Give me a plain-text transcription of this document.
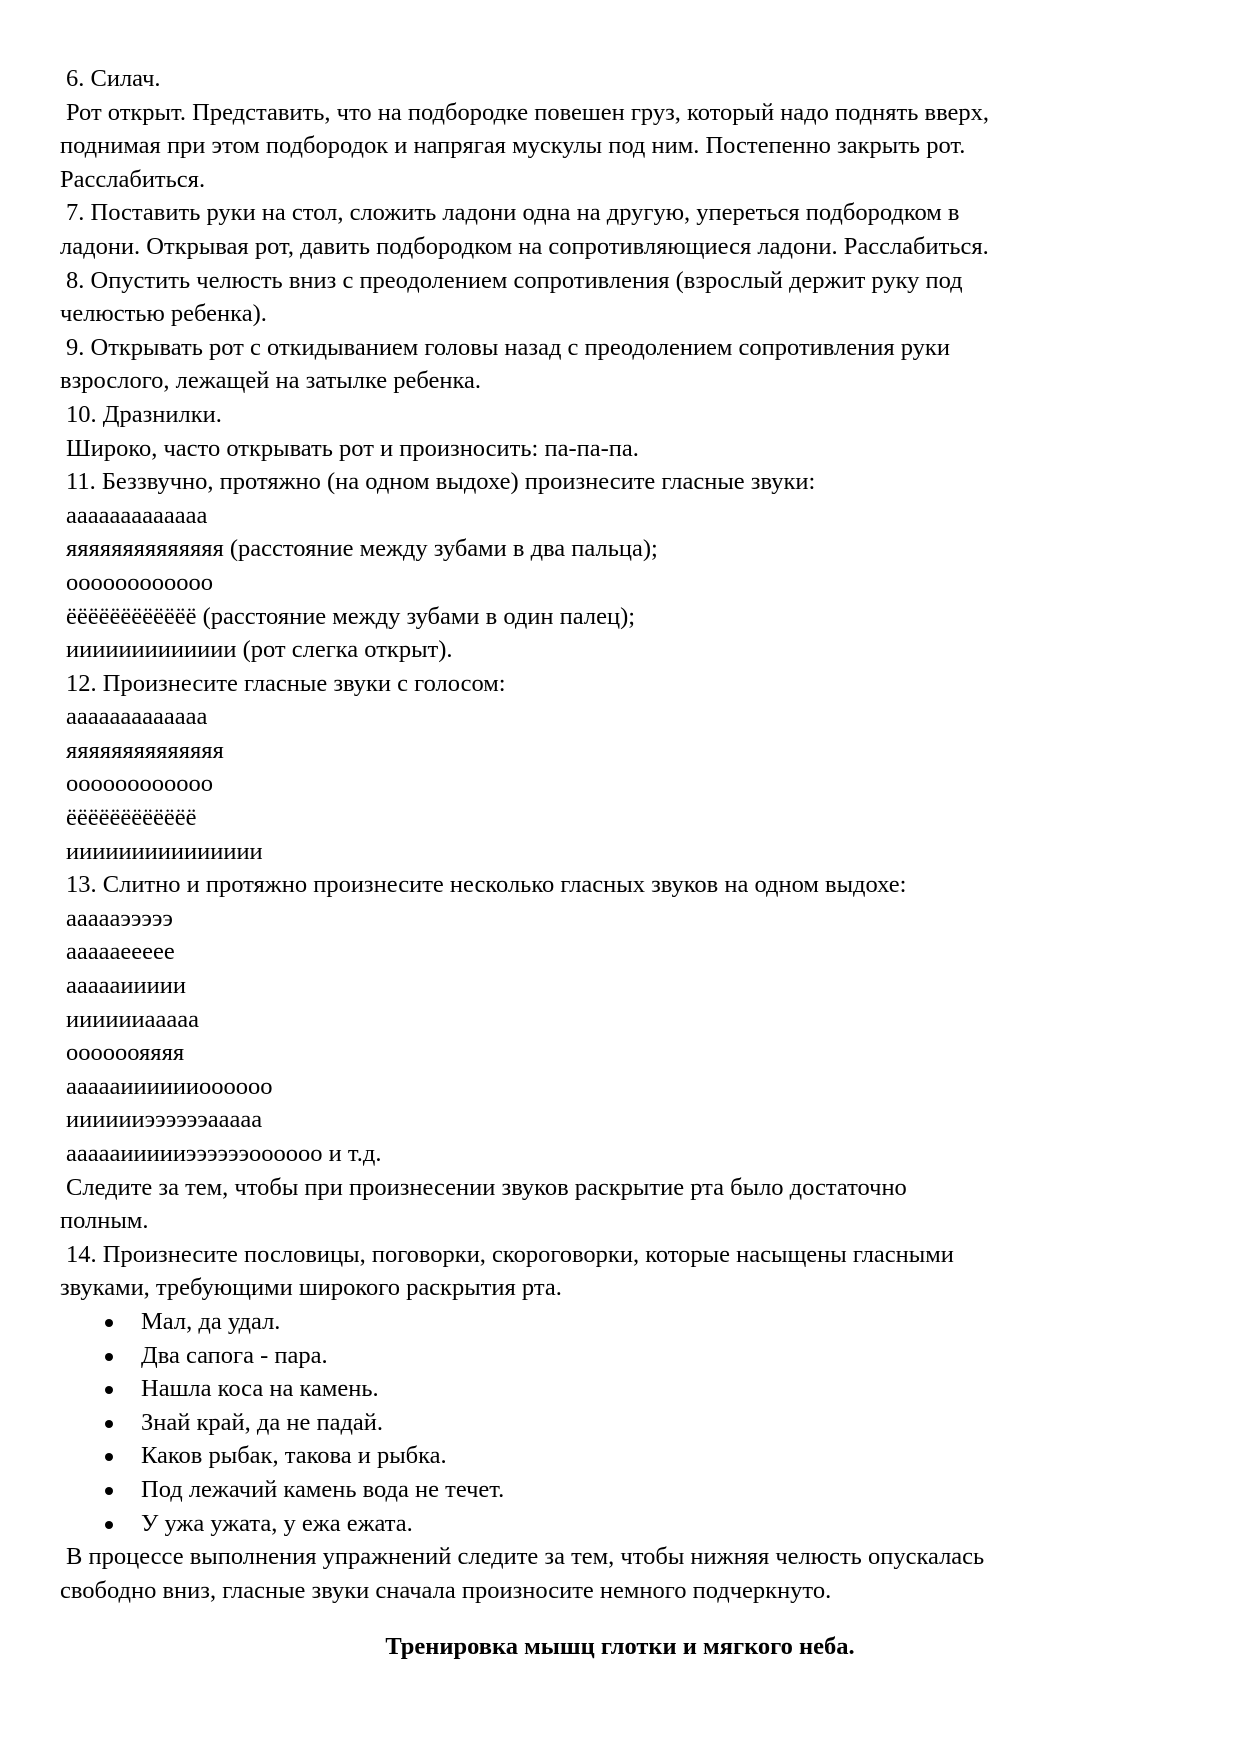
6. Силач.
Рот открыт. Представить, что на подбородке повешен груз, который надо поднять вверх,
поднимая при этом подбородок и напрягая мускулы под ним. Постепенно закрыть рот.
Расслабиться.
7. Поставить руки на стол, сложить ладони одна на другую, упереться подбородком в
ладони. Открывая рот, давить подбородком на сопротивляющиеся ладони. Расслабиться.
8. Опустить челюсть вниз с преодолением сопротивления (взрослый держит руку под
челюстью ребенка).
9. Открывать рот с откидыванием головы назад с преодолением сопротивления руки
взрослого, лежащей на затылке ребенка.
10. Дразнилки.
Широко, часто открывать рот и произносить: па-па-па.
11. Беззвучно, протяжно (на одном выдохе) произнесите гласные звуки:
ааааааааааааа
яяяяяяяяяяяяяя (расстояние между зубами в два пальца);
оооооооооооо
ёёёёёёёёёёёё (расстояние между зубами в один палец);
иииииииииииии (рот слегка открыт).
12. Произнесите гласные звуки с голосом:
ааааааааааааа
яяяяяяяяяяяяяя
оооооооооооо
ёёёёёёёёёёёё
иииииииииииииии
13. Слитно и протяжно произнесите несколько гласных звуков на одном выдохе:
аааааэээээ
аааааеееее
аааааиииии
ииииииааааа
оооооояяяя
аааааииииииоооооо
ииииииээээээааааа
аааааиииииээээээоооооо и т.д.
Следите за тем, чтобы при произнесении звуков раскрытие рта было достаточно
полным.
14. Произнесите пословицы, поговорки, скороговорки, которые насыщены гласными
звуками, требующими широкого раскрытия рта.
Мал, да удал.
Два сапога - пара.
Нашла коса на камень.
Знай край, да не падай.
Каков рыбак, такова и рыбка.
Под лежачий камень вода не течет.
У ужа ужата, у ежа ежата.
В процессе выполнения упражнений следите за тем, чтобы нижняя челюсть опускалась
свободно вниз, гласные звуки сначала произносите немного подчеркнуто.
Тренировка мышц глотки и мягкого неба.
